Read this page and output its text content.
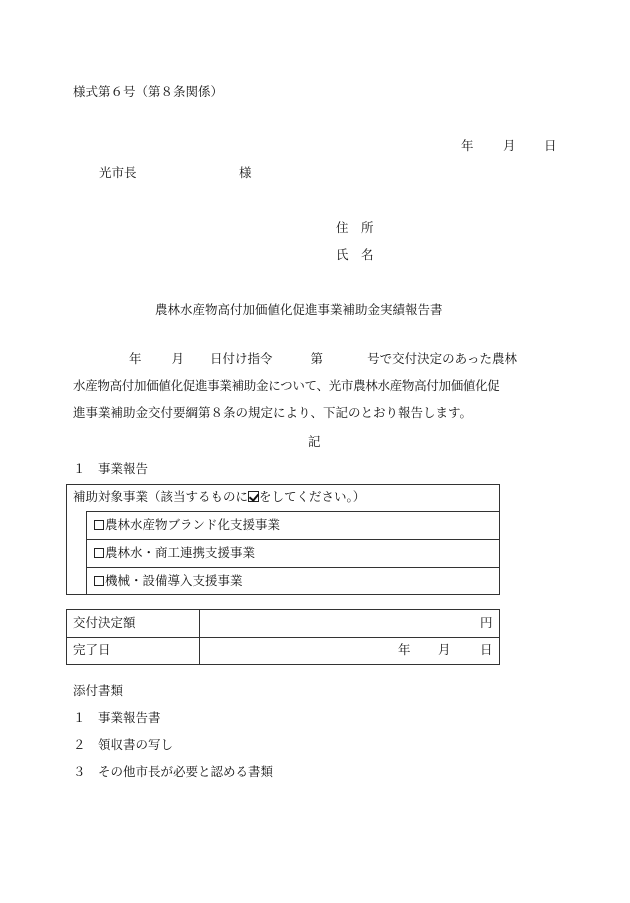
様式第６号（第８条関係）
年 月 日
光市長	様
住　所
氏　名
農林水産物高付加価値化促進事業補助金実績報告書
年 月 日付け指令	第	号で交付決定のあった農林
水産物高付加価値化促進事業補助金について、光市農林水産物高付加価値化促
進事業補助金交付要綱第８条の規定により、下記のとおり報告します。
記
１ 事業報告
補助対象事業（該当するものに をしてください。）
農林水産物ブランド化支援事業
農林水・商工連携支援事業
機械・設備導入支援事業
交付決定額	円
完了日	年 月 日
添付書類
１ 事業報告書
２ 領収書の写し
３ その他市長が必要と認める書類
